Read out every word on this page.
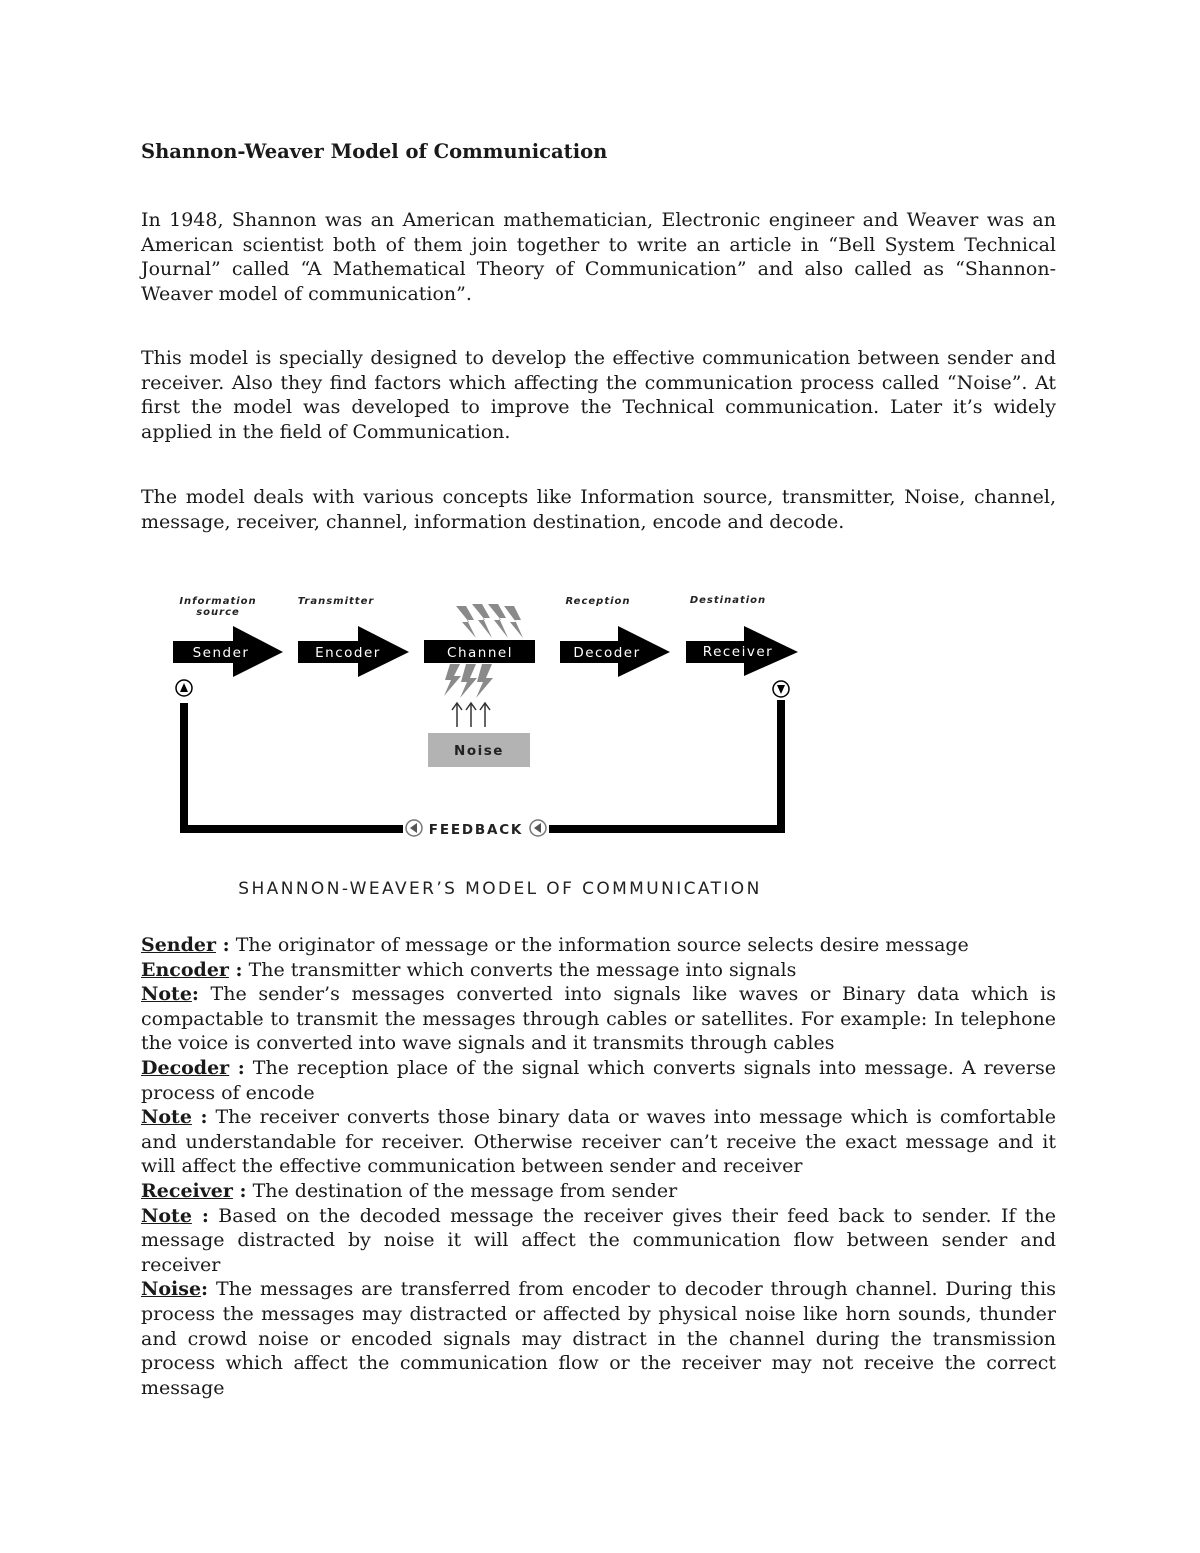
Shannon-Weaver Model of Communication
In 1948, Shannon was an American mathematician, Electronic engineer and Weaver was an American scientist both of them join together to write an article in “Bell System Technical Journal” called “A Mathematical Theory of Communication” and also called as “Shannon-Weaver model of communication”.
This model is specially designed to develop the effective communication between sender and receiver. Also they find factors which affecting the communication process called “Noise”. At first the model was developed to improve the Technical communication. Later it’s widely applied in the field of Communication.
The model deals with various concepts like Information source, transmitter, Noise, channel, message, receiver, channel, information destination, encode and decode.
Information
source
Transmitter	Reception	Destination
Sender	Encoder	Channel
Noise
Decoder	Receiver
FEEDBACK
SHANNON-WEAVER’S MODEL OF COMMUNICATION
Sender : The originator of message or the information source selects desire message
Encoder : The transmitter which converts the message into signals
Note: The sender’s messages converted into signals like waves or Binary data which is compactable to transmit the messages through cables or satellites. For example: In telephone the voice is converted into wave signals and it transmits through cables
Decoder : The reception place of the signal which converts signals into message. A reverse process of encode
Note : The receiver converts those binary data or waves into message which is comfortable and understandable for receiver. Otherwise receiver can’t receive the exact message and it will affect the effective communication between sender and receiver
Receiver : The destination of the message from sender
Note : Based on the decoded message the receiver gives their feed back to sender. If the message distracted by noise it will affect the communication flow between sender and receiver
Noise: The messages are transferred from encoder to decoder through channel. During this process the messages may distracted or affected by physical noise like horn sounds, thunder and crowd noise or encoded signals may distract in the channel during the transmission process which affect the communication flow or the receiver may not receive the correct message
